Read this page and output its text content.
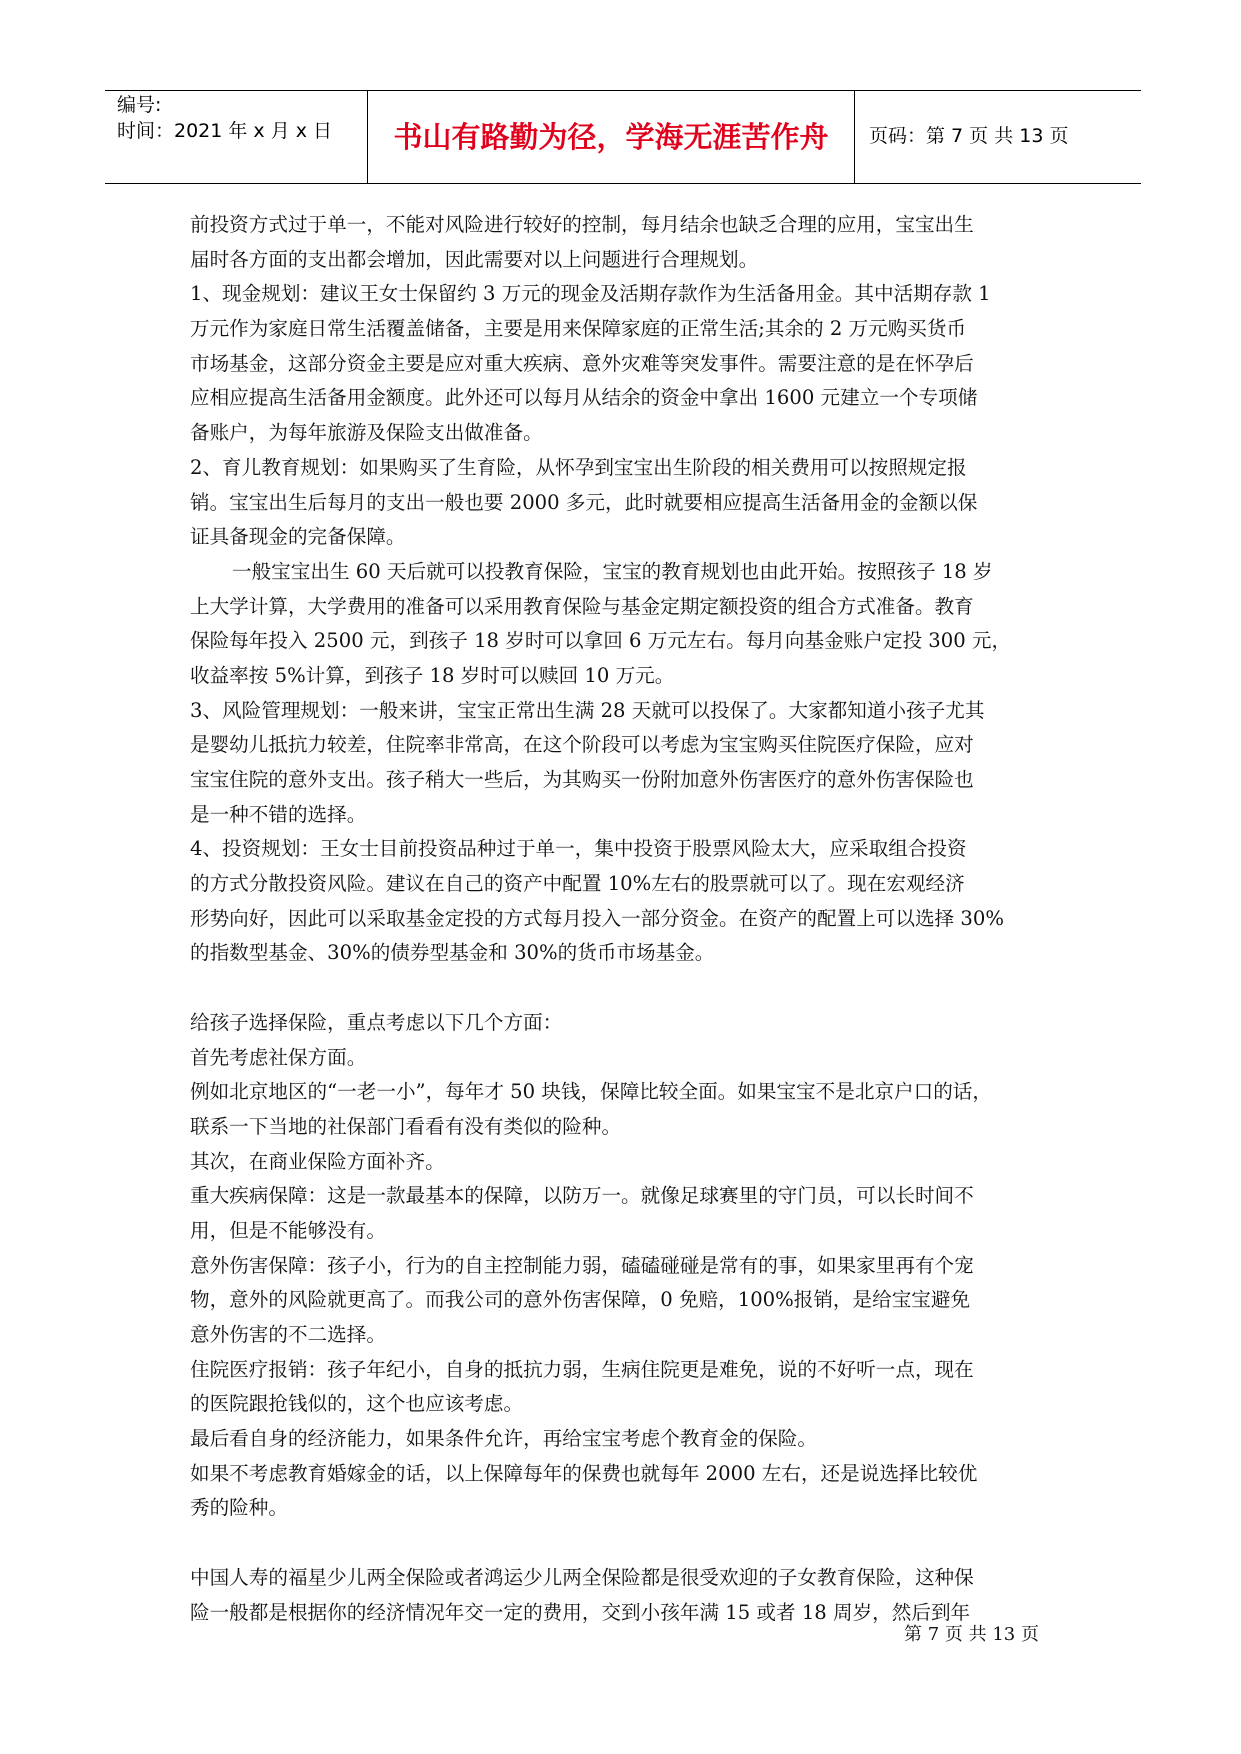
编号:
时间：2021 年 x 月 x 日	书山有路勤为径，学海无涯苦作舟	页码：第 7 页 共 13 页
前投资方式过于单一，不能对风险进行较好的控制，每月结余也缺乏合理的应用，宝宝出生
届时各方面的支出都会增加，因此需要对以上问题进行合理规划。
1、现金规划：建议王女士保留约 3 万元的现金及活期存款作为生活备用金。其中活期存款 1
万元作为家庭日常生活覆盖储备，主要是用来保障家庭的正常生活;其余的 2 万元购买货币
市场基金，这部分资金主要是应对重大疾病、意外灾难等突发事件。需要注意的是在怀孕后
应相应提高生活备用金额度。此外还可以每月从结余的资金中拿出 1600 元建立一个专项储
备账户，为每年旅游及保险支出做准备。
2、育儿教育规划：如果购买了生育险，从怀孕到宝宝出生阶段的相关费用可以按照规定报
销。宝宝出生后每月的支出一般也要 2000 多元，此时就要相应提高生活备用金的金额以保
证具备现金的完备保障。
一般宝宝出生 60 天后就可以投教育保险，宝宝的教育规划也由此开始。按照孩子 18 岁
上大学计算，大学费用的准备可以采用教育保险与基金定期定额投资的组合方式准备。教育
保险每年投入 2500 元，到孩子 18 岁时可以拿回 6 万元左右。每月向基金账户定投 300 元，
收益率按 5%计算，到孩子 18 岁时可以赎回 10 万元。
3、风险管理规划：一般来讲，宝宝正常出生满 28 天就可以投保了。大家都知道小孩子尤其
是婴幼儿抵抗力较差，住院率非常高，在这个阶段可以考虑为宝宝购买住院医疗保险，应对
宝宝住院的意外支出。孩子稍大一些后，为其购买一份附加意外伤害医疗的意外伤害保险也
是一种不错的选择。
4、投资规划：王女士目前投资品种过于单一，集中投资于股票风险太大，应采取组合投资
的方式分散投资风险。建议在自己的资产中配置 10%左右的股票就可以了。现在宏观经济
形势向好，因此可以采取基金定投的方式每月投入一部分资金。在资产的配置上可以选择 30%
的指数型基金、30%的债券型基金和 30%的货币市场基金。
给孩子选择保险，重点考虑以下几个方面：
首先考虑社保方面。
例如北京地区的“一老一小”，每年才 50 块钱，保障比较全面。如果宝宝不是北京户口的话，
联系一下当地的社保部门看看有没有类似的险种。
其次，在商业保险方面补齐。
重大疾病保障：这是一款最基本的保障，以防万一。就像足球赛里的守门员，可以长时间不
用，但是不能够没有。
意外伤害保障：孩子小，行为的自主控制能力弱，磕磕碰碰是常有的事，如果家里再有个宠
物，意外的风险就更高了。而我公司的意外伤害保障，0 免赔，100%报销，是给宝宝避免
意外伤害的不二选择。
住院医疗报销：孩子年纪小，自身的抵抗力弱，生病住院更是难免，说的不好听一点，现在
的医院跟抢钱似的，这个也应该考虑。
最后看自身的经济能力，如果条件允许，再给宝宝考虑个教育金的保险。
如果不考虑教育婚嫁金的话，以上保障每年的保费也就每年 2000 左右，还是说选择比较优
秀的险种。
中国人寿的福星少儿两全保险或者鸿运少儿两全保险都是很受欢迎的子女教育保险，这种保
险一般都是根据你的经济情况年交一定的费用，交到小孩年满 15 或者 18 周岁，然后到年
第 7 页 共 13 页
